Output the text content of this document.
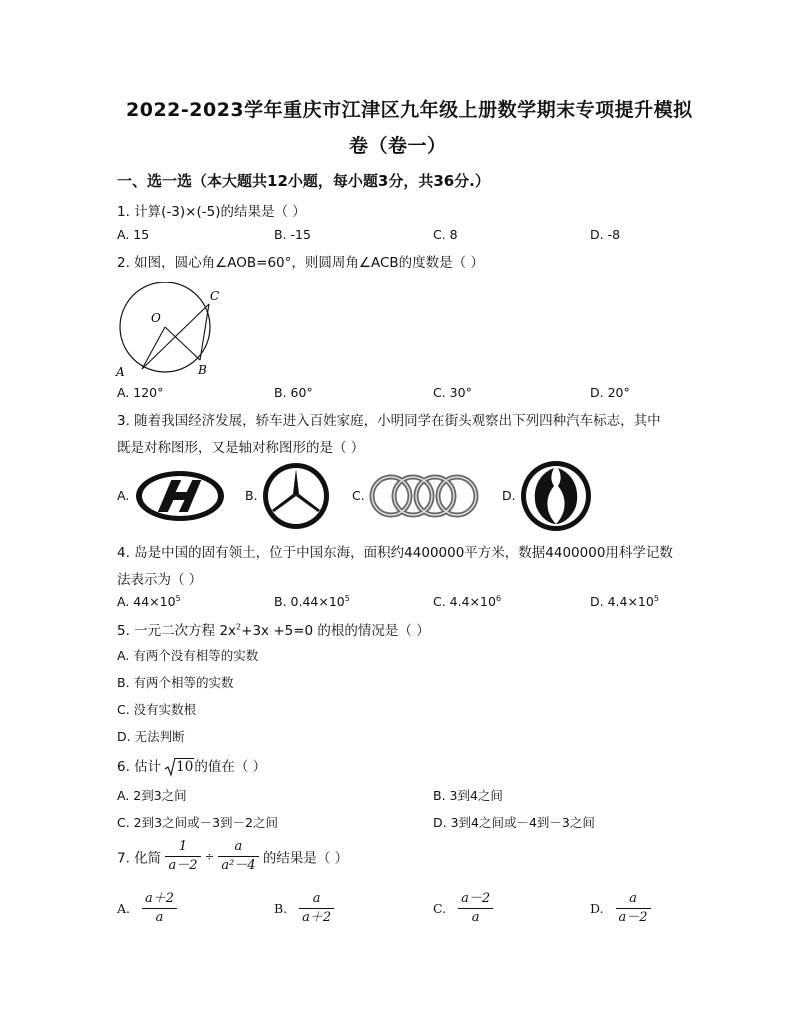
2022-2023学年重庆市江津区九年级上册数学期末专项提升模拟
卷（卷一）
一、选一选（本大题共12小题，每小题3分，共36分.）
1. 计算(-3)×(-5)的结果是（ ）
A. 15	B. -15	C. 8	D. -8
2. 如图，圆心角∠AOB=60°，则圆周角∠ACB的度数是（ ）
O
C
A	B
A. 120°	B. 60°	C. 30°	D. 20°
3. 随着我国经济发展，轿车进入百姓家庭，小明同学在街头观察出下列四种汽车标志，其中
既是对称图形，又是轴对称图形的是（ ）
A.	B.	C.	D.
4. 岛是中国的固有领土，位于中国东海，面积约4400000平方米，数据4400000用科学记数
法表示为（ ）
A. $44\times 10^5$	B. $0.44\times 10^5$	C. $4.4\times 10^6$	D. $4.4\times 10^5$
5. 一元二次方程 $2x^2+3x +5=0$ 的根的情况是（ ）
A. 有两个没有相等的实数
B. 有两个相等的实数
C. 没有实数根
D. 无法判断
6. 估计 10的值在（ ）
A. 2到3之间	B. 3到4之间
C. 2到3之间或－3到－2之间	D. 3到4之间或－4到－3之间
7. 化简 $\frac{1}{a-2} \div \frac{a}{\text{a²－4}}$ 的结果是（ ）
A. $\frac{a+2}{a}$	B. $\frac{a}{a+2}$	C. $\frac{a-2}{a}$	D. $\frac{a}{a-2}$
